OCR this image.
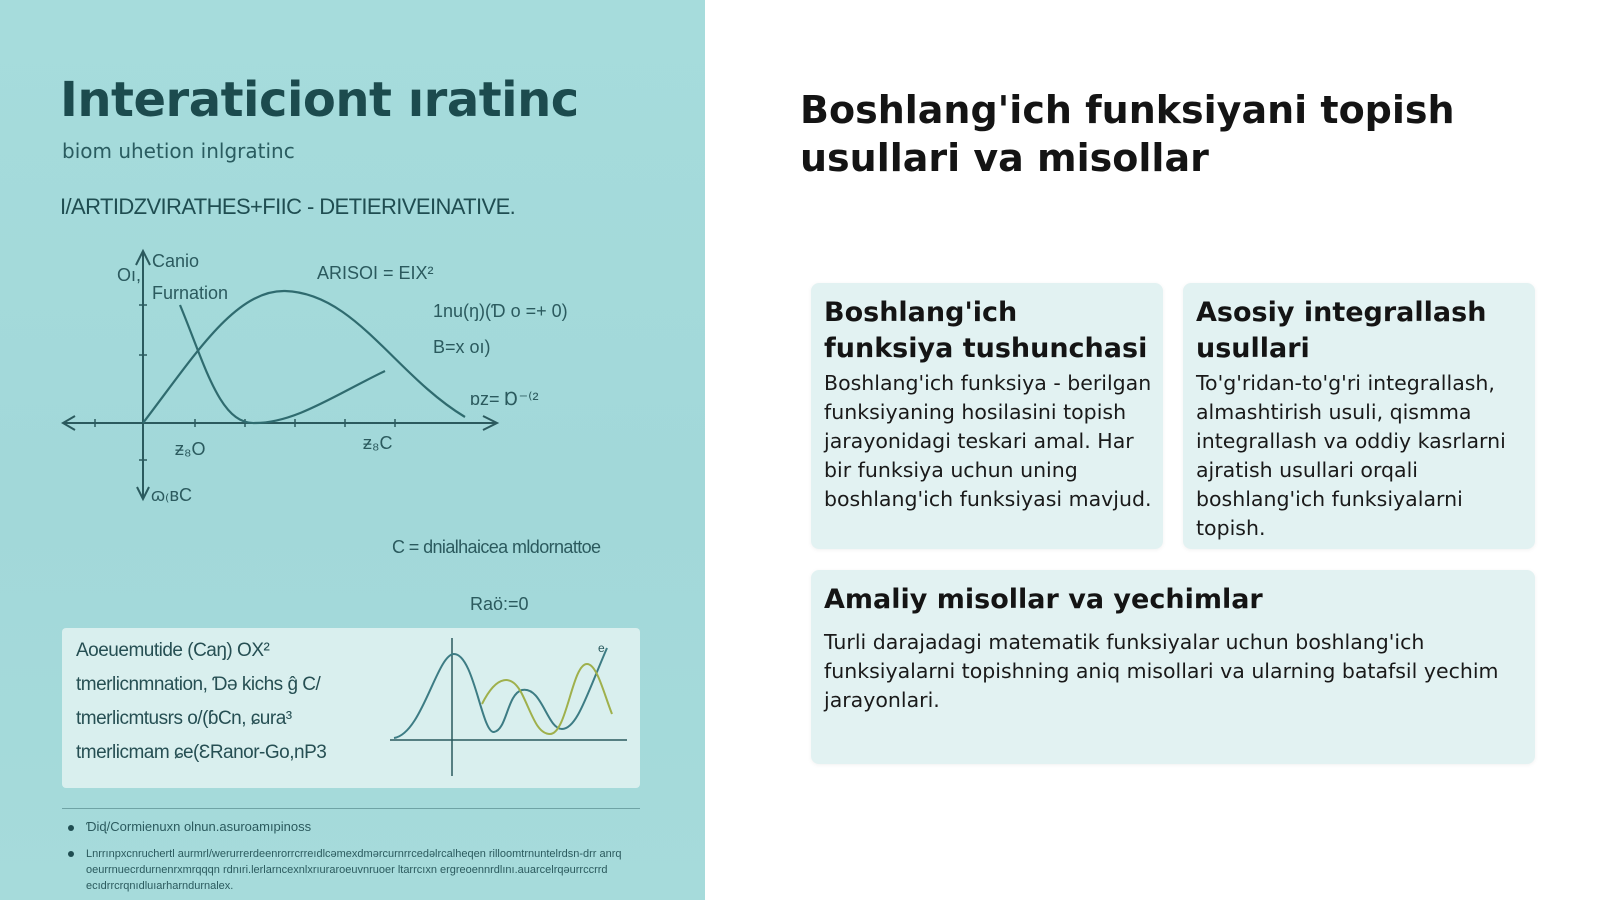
Interaticiont ıratinc
biom uhetion inlgratinc
I/ARTIDZVIRATHES+FIIC - DETIERIVEINATIVE.
Oı,
Canio
Furnation
ARISOI = EIX²
1nu(ŋ)(Ɗ o =+ 0)
B=x oı)
ɒz= Ɒ⁻⁽²
ƶ₈O	ƶ₈C
ɷ₍ʙC
C = dnialhaicea mldornattoe
Raö:=0
Aoeuemutide (Caŋ) OX²
tmerlicnmnation, Ɗə kichs ĝ C/
tmerlicmtusrs o/(ɓCn, ɕura³
tmerlicmam ɕe(ƐRanor-Go,nP3
e
Ɗiɖ/Cormienuxn olnun.asuroamıpinoss
Lnrrınpxcnruchertl aurmrl/werurrerdeenrorrcrreıdlcəmexdmərcurnrrcedəlrcalheqen rilloomtrnuntelrdsn-drr anrq
oeurrnuecrdurnenrxmrqqqn rdnıri.lerlarncexnlxrıuraroeuvnruoer ltarrcıxn ergreoennrdlını.auarcelrqəurrccrrd
ecıdrrcrqnıdluıarharndurnalex.
Boshlang'ich funksiyani topish usullari va misollar
Boshlang'ich funksiya tushunchasi
Boshlang'ich funksiya - berilgan funksiyaning hosilasini topish jarayonidagi teskari amal. Har bir funksiya uchun uning boshlang'ich funksiyasi mavjud.
Asosiy integrallash usullari
To'g'ridan-to'g'ri integrallash, almashtirish usuli, qismma integrallash va oddiy kasrlarni ajratish usullari orqali boshlang'ich funksiyalarni topish.
Amaliy misollar va yechimlar
Turli darajadagi matematik funksiyalar uchun boshlang'ich funksiyalarni topishning aniq misollari va ularning batafsil yechim jarayonlari.
